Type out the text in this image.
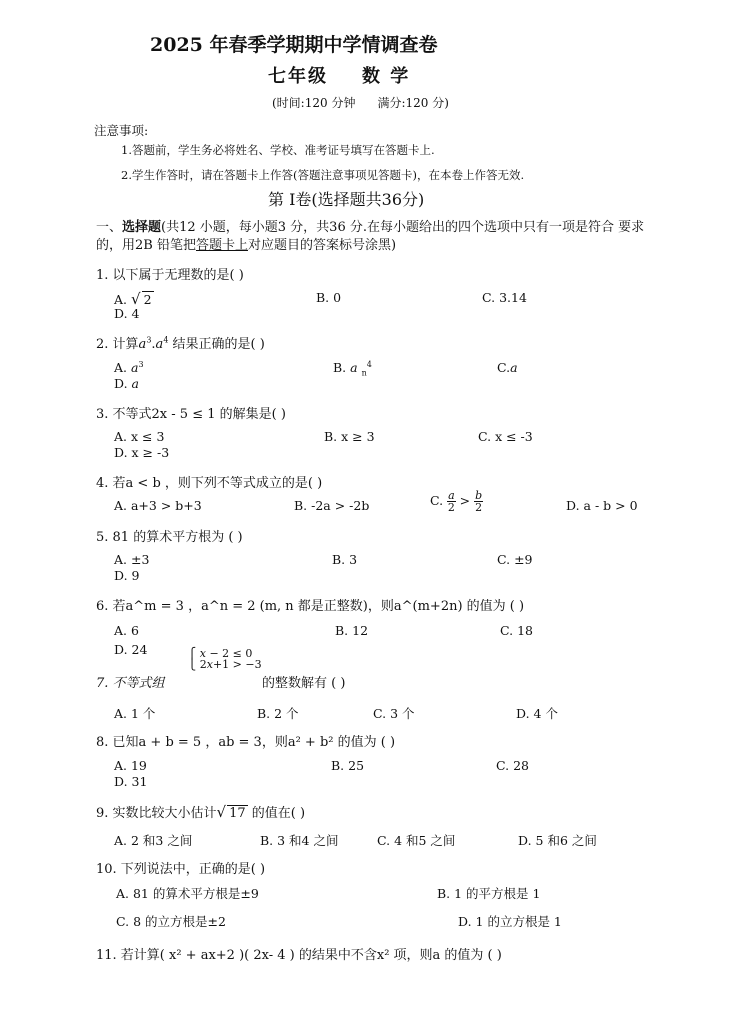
2025 年春季学期期中学情调查卷
七年级 数 学
(时间:120 分钟 满分:120 分)
注意事项:
1.答题前，学生务必将姓名、学校、准考证号填写在答题卡上.
2.学生作答时，请在答题卡上作答(答题注意事项见答题卡)，在本卷上作答无效.
第 Ⅰ卷(选择题共36分)
一、选择题(共12 小题，每小题3 分，共36 分.在每小题给出的四个选项中只有一项是符合 要求的，用2B 铅笔把答题卡上对应题目的答案标号涂黑)
1. 以下属于无理数的是( )
A. √ 2	B. 0	C. 3.14
D. 4
2. 计算$a^3.a^4$ 结果正确的是( )
A. $a^3$	B. a $_n^4$	C.a
D. a
3. 不等式2x - 5 ≤ 1 的解集是( )
A. x ≤ 3	B. x ≥ 3	C. x ≤ -3
D. x ≥ -3
4. 若a < b ，则下列不等式成立的是( )
A. a+3 > b+3	B. -2a > -2b	C. $\frac{a}{2} > \frac{b}{2}$	D. a - b > 0
5. 81 的算术平方根为 ( )
A. ±3	B. 3	C. ±9
D. 9
6. 若a^m = 3 ，a^n = 2 (m, n 都是正整数)，则a^(m+2n) 的值为 ( )
A. 6	B. 12	C. 18
D. 24
7. 不等式组
⎧ x − 2 ≤ 0
⎩ 2x+1 > −3
的整数解有 ( )
A. 1 个	B. 2 个	C. 3 个	D. 4 个
8. 已知a + b = 5 ，ab = 3，则a² + b² 的值为 ( )
A. 19	B. 25	C. 28
D. 31
9. 实数比较大小估计√ 17 的值在( )
A. 2 和3 之间	B. 3 和4 之间	C. 4 和5 之间	D. 5 和6 之间
10. 下列说法中，正确的是( )
A. 81 的算术平方根是±9	B. 1 的平方根是 1
C. 8 的立方根是±2	D. 1 的立方根是 1
11. 若计算( x² + ax+2 )( 2x- 4 ) 的结果中不含x² 项，则a 的值为 ( )
